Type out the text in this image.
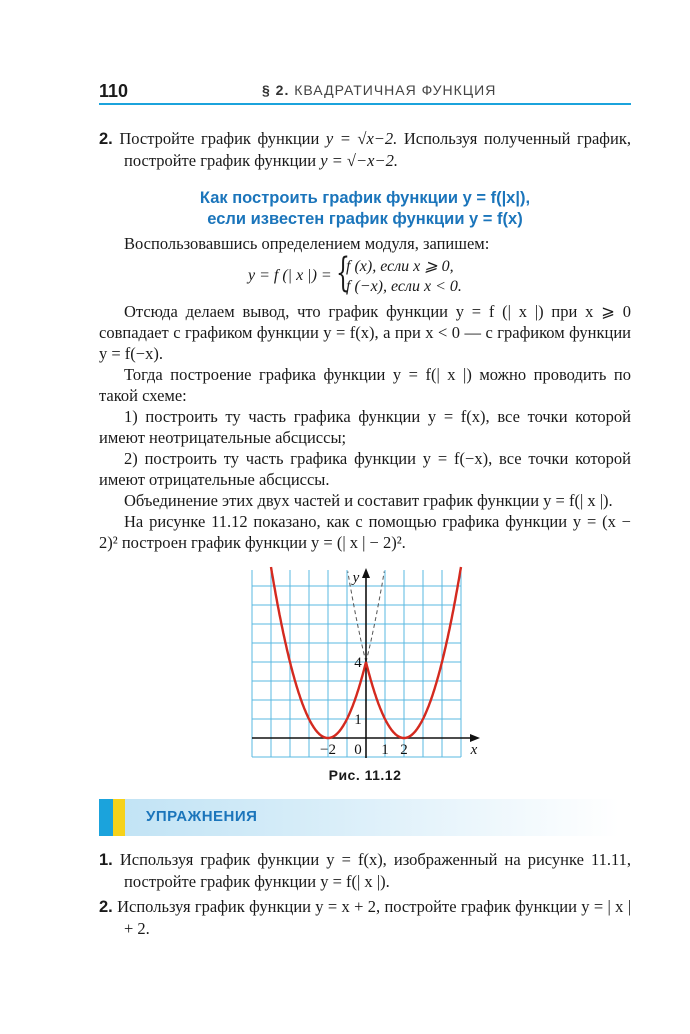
110	§ 2. КВАДРАТИЧНАЯ ФУНКЦИЯ

2. Постройте график функции y = √x−2. Используя полученный график, постройте график функции y = √−x−2.

Как построить график функции y = f(|x|),
если известен график функции y = f(x)

Воспользовавшись определением модуля, запишем:

y = f (| x |) = {
f (x), если x ⩾ 0,
f (−x), если x < 0.

Отсюда делаем вывод, что график функции y = f (| x |) при x ⩾ 0 совпадает с графиком функции y = f(x), а при x < 0 — с графиком функции y = f(−x).

Тогда построение графика функции y = f(| x |) можно проводить по такой схеме:

1) построить ту часть графика функции y = f(x), все точки которой имеют неотрицательные абсциссы;

2) построить ту часть графика функции y = f(−x), все точки которой имеют отрицательные абсциссы.

Объединение этих двух частей и составит график функции y = f(| x |).

На рисунке 11.12 показано, как с помощью графика функции y = (x − 2)² построен график функции y = (| x | − 2)².

−2 0 1 2
1
4
x
y
Рис. 11.12
УПРАЖНЕНИЯ

1. Используя график функции y = f(x), изображенный на рисунке 11.11, постройте график функции y = f(| x |).

2. Используя график функции y = x + 2, постройте график функции y = | x | + 2.
